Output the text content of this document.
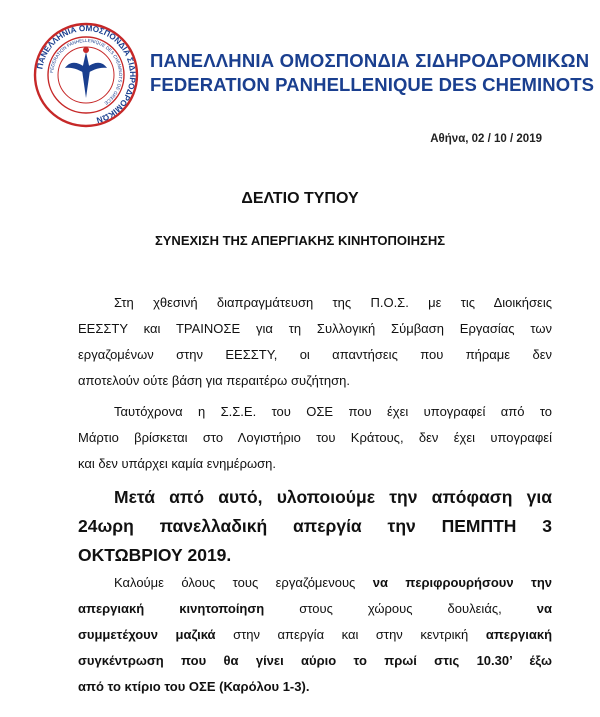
ΠΑΝΕΛΛΗΝΙΑ ΟΜΟΣΠΟΝΔΙΑ ΣΙΔΗΡΟΔΡΟΜΙΚΩΝ
FEDERATION PANHELLENIQUE DES CHEMINOTS DE GRECE
ΠΑΝΕΛΛΗΝΙΑ ΟΜΟΣΠΟΝΔΙΑ ΣΙΔΗΡΟΔΡΟΜΙΚΩΝ
FEDERATION PANHELLENIQUE DES CHEMINOTS
Αθήνα, 02 / 10 / 2019
ΔΕΛΤΙΟ ΤΥΠΟΥ
ΣΥΝΕΧΙΣΗ ΤΗΣ ΑΠΕΡΓΙΑΚΗΣ ΚΙΝΗΤΟΠΟΙΗΣΗΣ
Στη χθεσινή διαπραγμάτευση της Π.Ο.Σ. με τις Διοικήσεις
ΕΕΣΣΤΥ και ΤΡΑΙΝΟΣΕ για τη Συλλογική Σύμβαση Εργασίας των
εργαζομένων στην ΕΕΣΣΤΥ, οι απαντήσεις που πήραμε δεν
αποτελούν ούτε βάση για περαιτέρω συζήτηση.
Ταυτόχρονα η Σ.Σ.Ε. του ΟΣΕ που έχει υπογραφεί από το
Μάρτιο βρίσκεται στο Λογιστήριο του Κράτους, δεν έχει υπογραφεί
και δεν υπάρχει καμία ενημέρωση.
Μετά από αυτό, υλοποιούμε την απόφαση για
24ωρη πανελλαδική απεργία την ΠΕΜΠΤΗ 3
ΟΚΤΩΒΡΙΟΥ 2019.
Καλούμε όλους τους εργαζόμενους να περιφρουρήσουν την
απεργιακή κινητοποίηση στους χώρους δουλειάς, να
συμμετέχουν μαζικά στην απεργία και στην κεντρική απεργιακή
συγκέντρωση που θα γίνει αύριο το πρωί στις 10.30’ έξω
από το κτίριο του ΟΣΕ (Καρόλου 1-3).
